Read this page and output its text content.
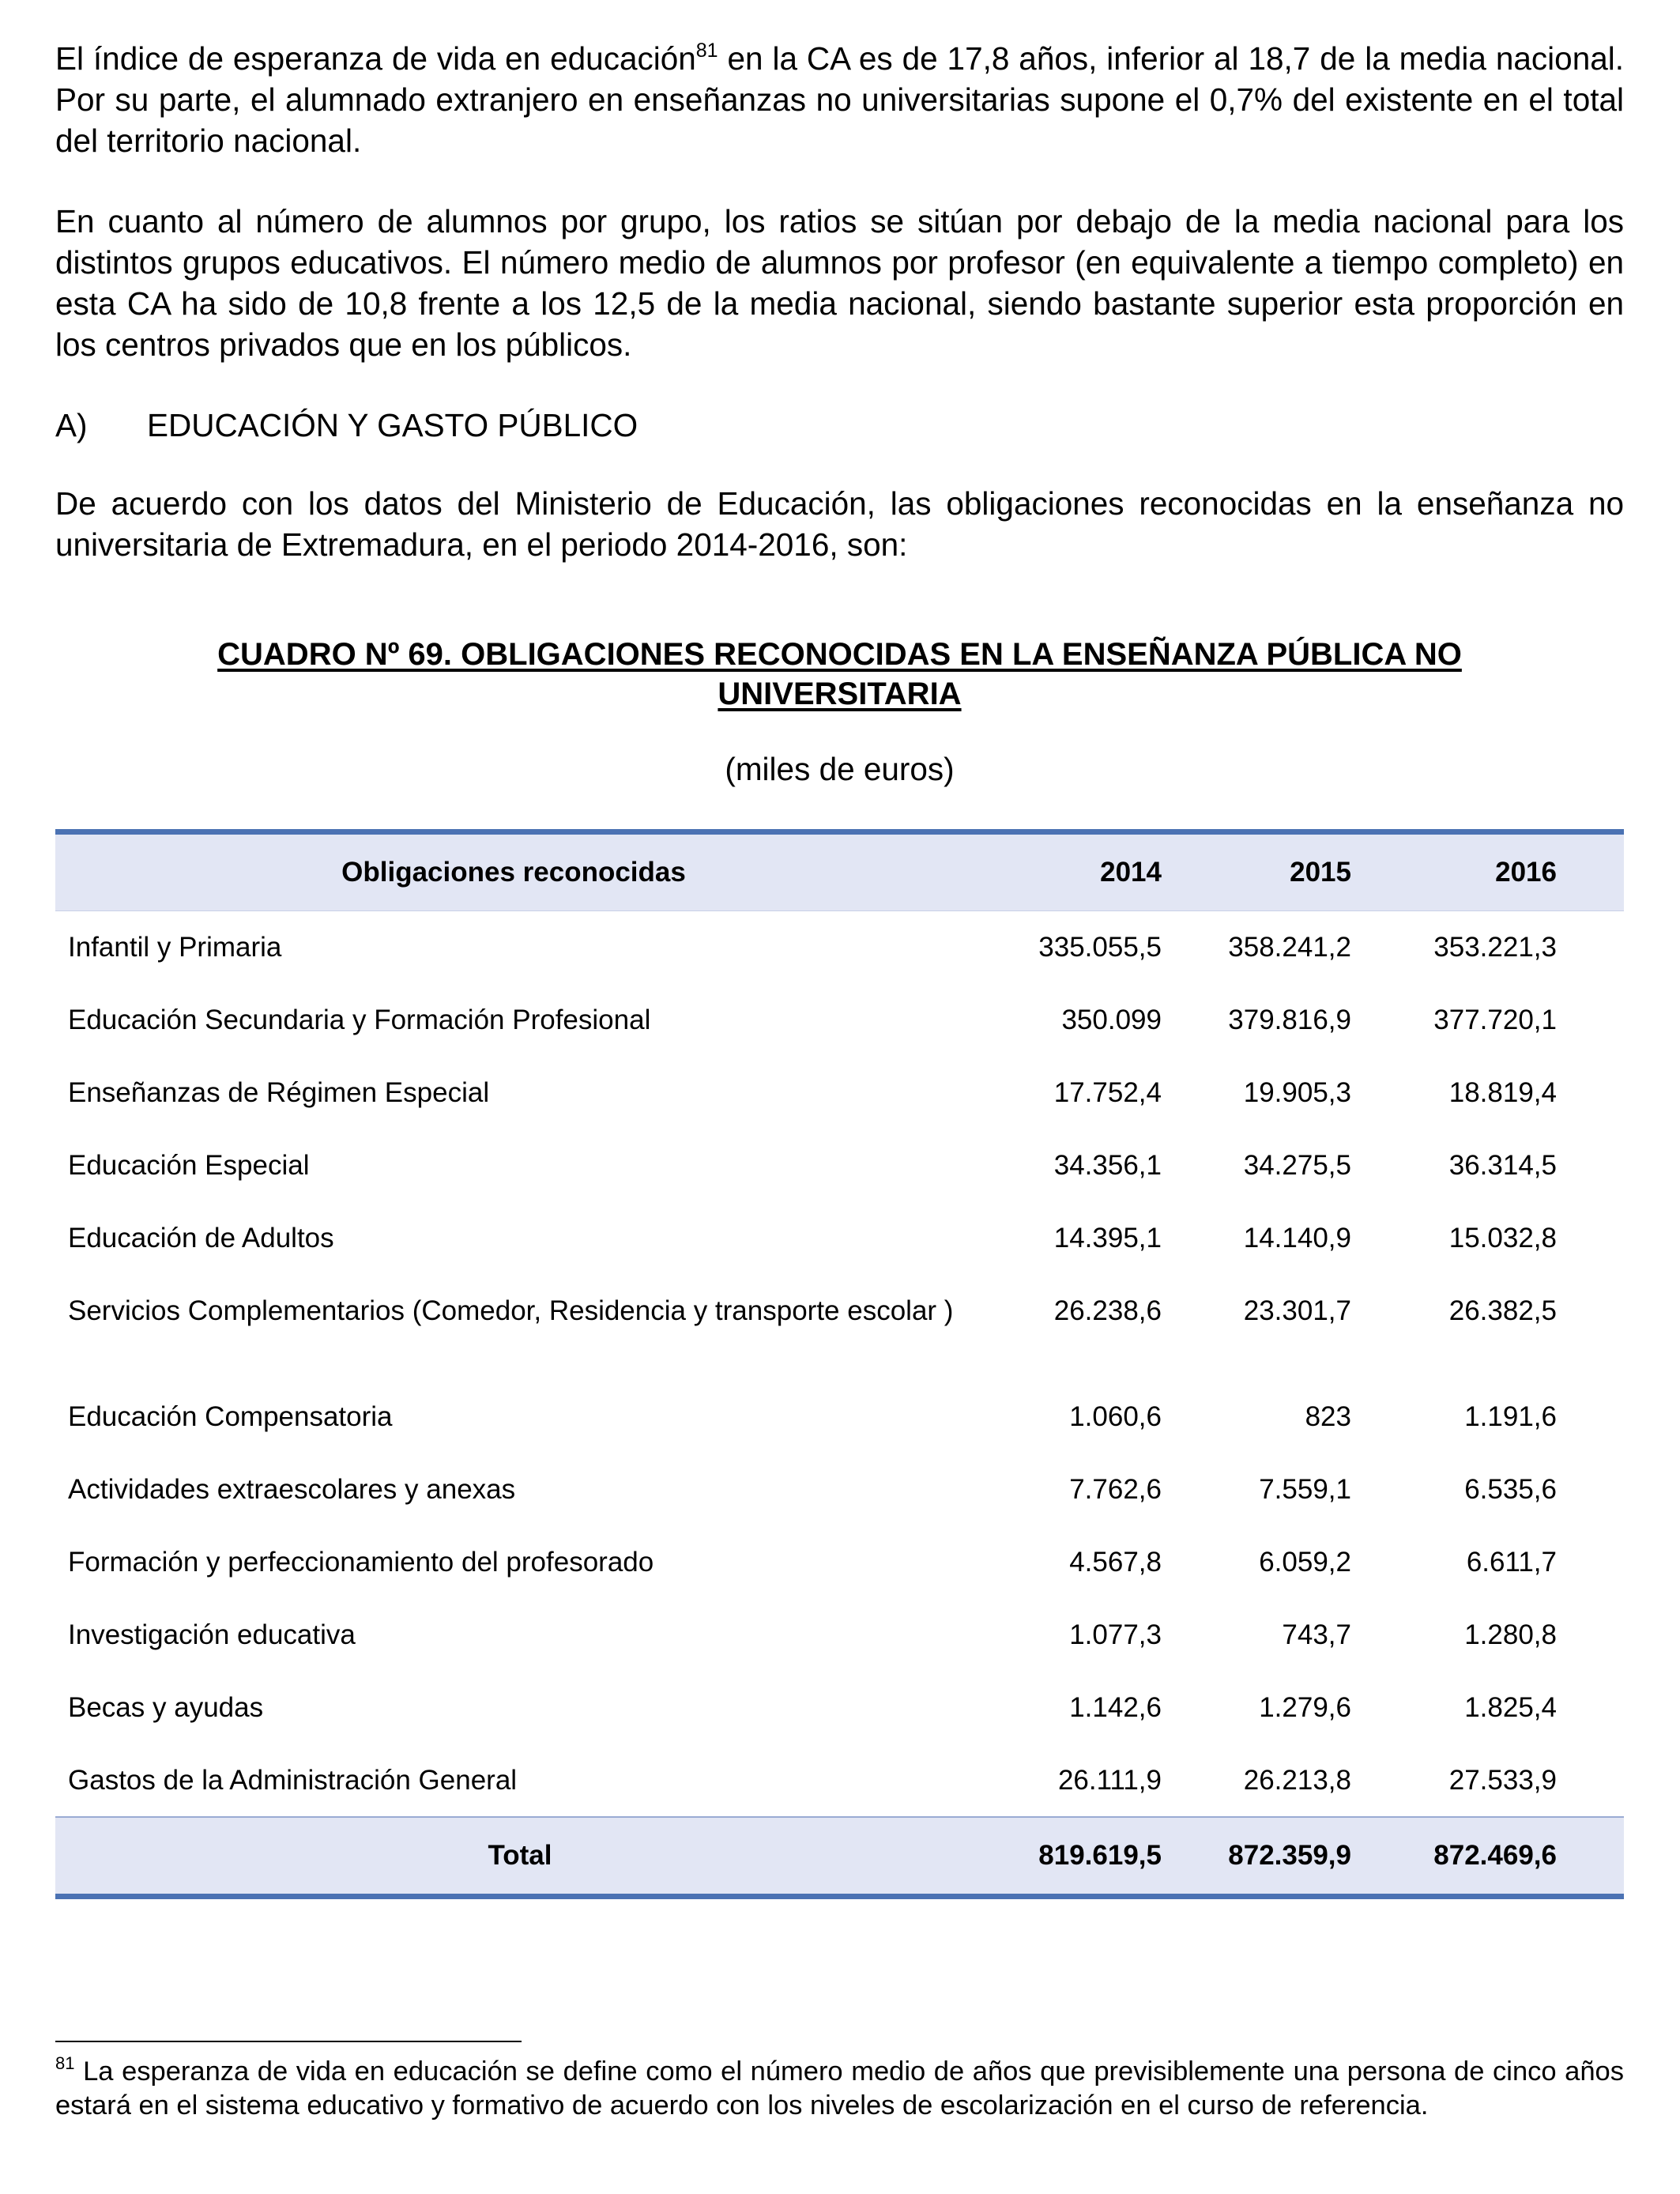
El índice de esperanza de vida en educación$^{81}$ en la CA es de 17,8 años, inferior al 18,7 de la media nacional. Por su parte, el alumnado extranjero en enseñanzas no universitarias supone el 0,7% del existente en el total del territorio nacional.

En cuanto al número de alumnos por grupo, los ratios se sitúan por debajo de la media nacional para los distintos grupos educativos. El número medio de alumnos por profesor (en equivalente a tiempo completo) en esta CA ha sido de 10,8 frente a los 12,5 de la media nacional, siendo bastante superior esta proporción en los centros privados que en los públicos.

A)	EDUCACIÓN Y GASTO PÚBLICO

De acuerdo con los datos del Ministerio de Educación, las obligaciones reconocidas en la enseñanza no universitaria de Extremadura, en el periodo 2014-2016, son:

CUADRO Nº 69. OBLIGACIONES RECONOCIDAS EN LA ENSEÑANZA PÚBLICA NO
UNIVERSITARIA
(miles de euros)
Obligaciones reconocidas	2014	2015	2016
Infantil y Primaria	335.055,5	358.241,2	353.221,3
Educación Secundaria y Formación Profesional	350.099	379.816,9	377.720,1
Enseñanzas de Régimen Especial	17.752,4	19.905,3	18.819,4
Educación Especial	34.356,1	34.275,5	36.314,5
Educación de Adultos	14.395,1	14.140,9	15.032,8
Servicios Complementarios (Comedor, Residencia y transporte escolar )	26.238,6	23.301,7	26.382,5
Educación Compensatoria	1.060,6	823	1.191,6
Actividades extraescolares y anexas	7.762,6	7.559,1	6.535,6
Formación y perfeccionamiento del profesorado	4.567,8	6.059,2	6.611,7
Investigación educativa	1.077,3	743,7	1.280,8
Becas y ayudas	1.142,6	1.279,6	1.825,4
Gastos de la Administración General	26.111,9	26.213,8	27.533,9
Total	819.619,5	872.359,9	872.469,6

$^{81}$ La esperanza de vida en educación se define como el número medio de años que previsiblemente una persona de cinco años estará en el sistema educativo y formativo de acuerdo con los niveles de escolarización en el curso de referencia.
